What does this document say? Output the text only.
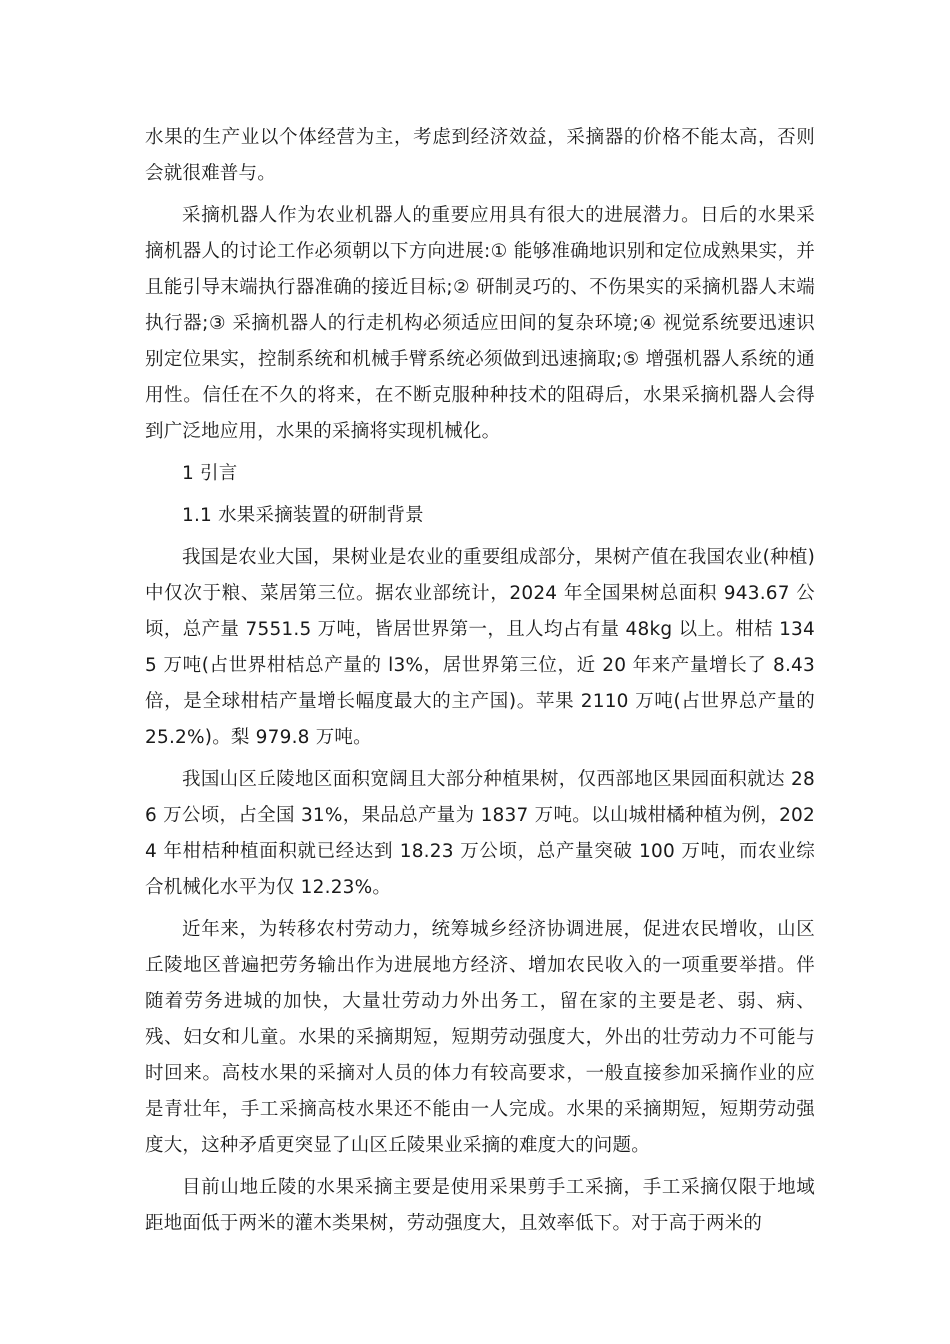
水果的生产业以个体经营为主，考虑到经济效益，采摘器的价格不能太高，否则会就很难普与。

采摘机器人作为农业机器人的重要应用具有很大的进展潜力。日后的水果采摘机器人的讨论工作必须朝以下方向进展:① 能够准确地识别和定位成熟果实，并且能引导末端执行器准确的接近目标;② 研制灵巧的、不伤果实的采摘机器人末端执行器;③ 采摘机器人的行走机构必须适应田间的复杂环境;④ 视觉系统要迅速识别定位果实，控制系统和机械手臂系统必须做到迅速摘取;⑤ 增强机器人系统的通用性。信任在不久的将来，在不断克服种种技术的阻碍后，水果采摘机器人会得到广泛地应用，水果的采摘将实现机械化。

1 引言

1.1 水果采摘装置的研制背景

我国是农业大国，果树业是农业的重要组成部分，果树产值在我国农业(种植)中仅次于粮、菜居第三位。据农业部统计，2024 年全国果树总面积 943.67 公顷，总产量 7551.5 万吨，皆居世界第一，且人均占有量 48kg 以上。柑桔 1345 万吨(占世界柑桔总产量的 l3%，居世界第三位，近 20 年来产量增长了 8.43 倍，是全球柑桔产量增长幅度最大的主产国)。苹果 2110 万吨(占世界总产量的 25.2%)。梨 979.8 万吨。

我国山区丘陵地区面积宽阔且大部分种植果树，仅西部地区果园面积就达 286 万公顷，占全国 31%，果品总产量为 1837 万吨。以山城柑橘种植为例，2024 年柑桔种植面积就已经达到 18.23 万公顷，总产量突破 100 万吨，而农业综合机械化水平为仅 12.23%。

近年来，为转移农村劳动力，统筹城乡经济协调进展，促进农民增收，山区丘陵地区普遍把劳务输出作为进展地方经济、增加农民收入的一项重要举措。伴随着劳务进城的加快，大量壮劳动力外出务工，留在家的主要是老、弱、病、残、妇女和儿童。水果的采摘期短，短期劳动强度大，外出的壮劳动力不可能与时回来。高枝水果的采摘对人员的体力有较高要求，一般直接参加采摘作业的应是青壮年，手工采摘高枝水果还不能由一人完成。水果的采摘期短，短期劳动强度大，这种矛盾更突显了山区丘陵果业采摘的难度大的问题。

目前山地丘陵的水果采摘主要是使用采果剪手工采摘，手工采摘仅限于地域距地面低于两米的灌木类果树，劳动强度大，且效率低下。对于高于两米的
